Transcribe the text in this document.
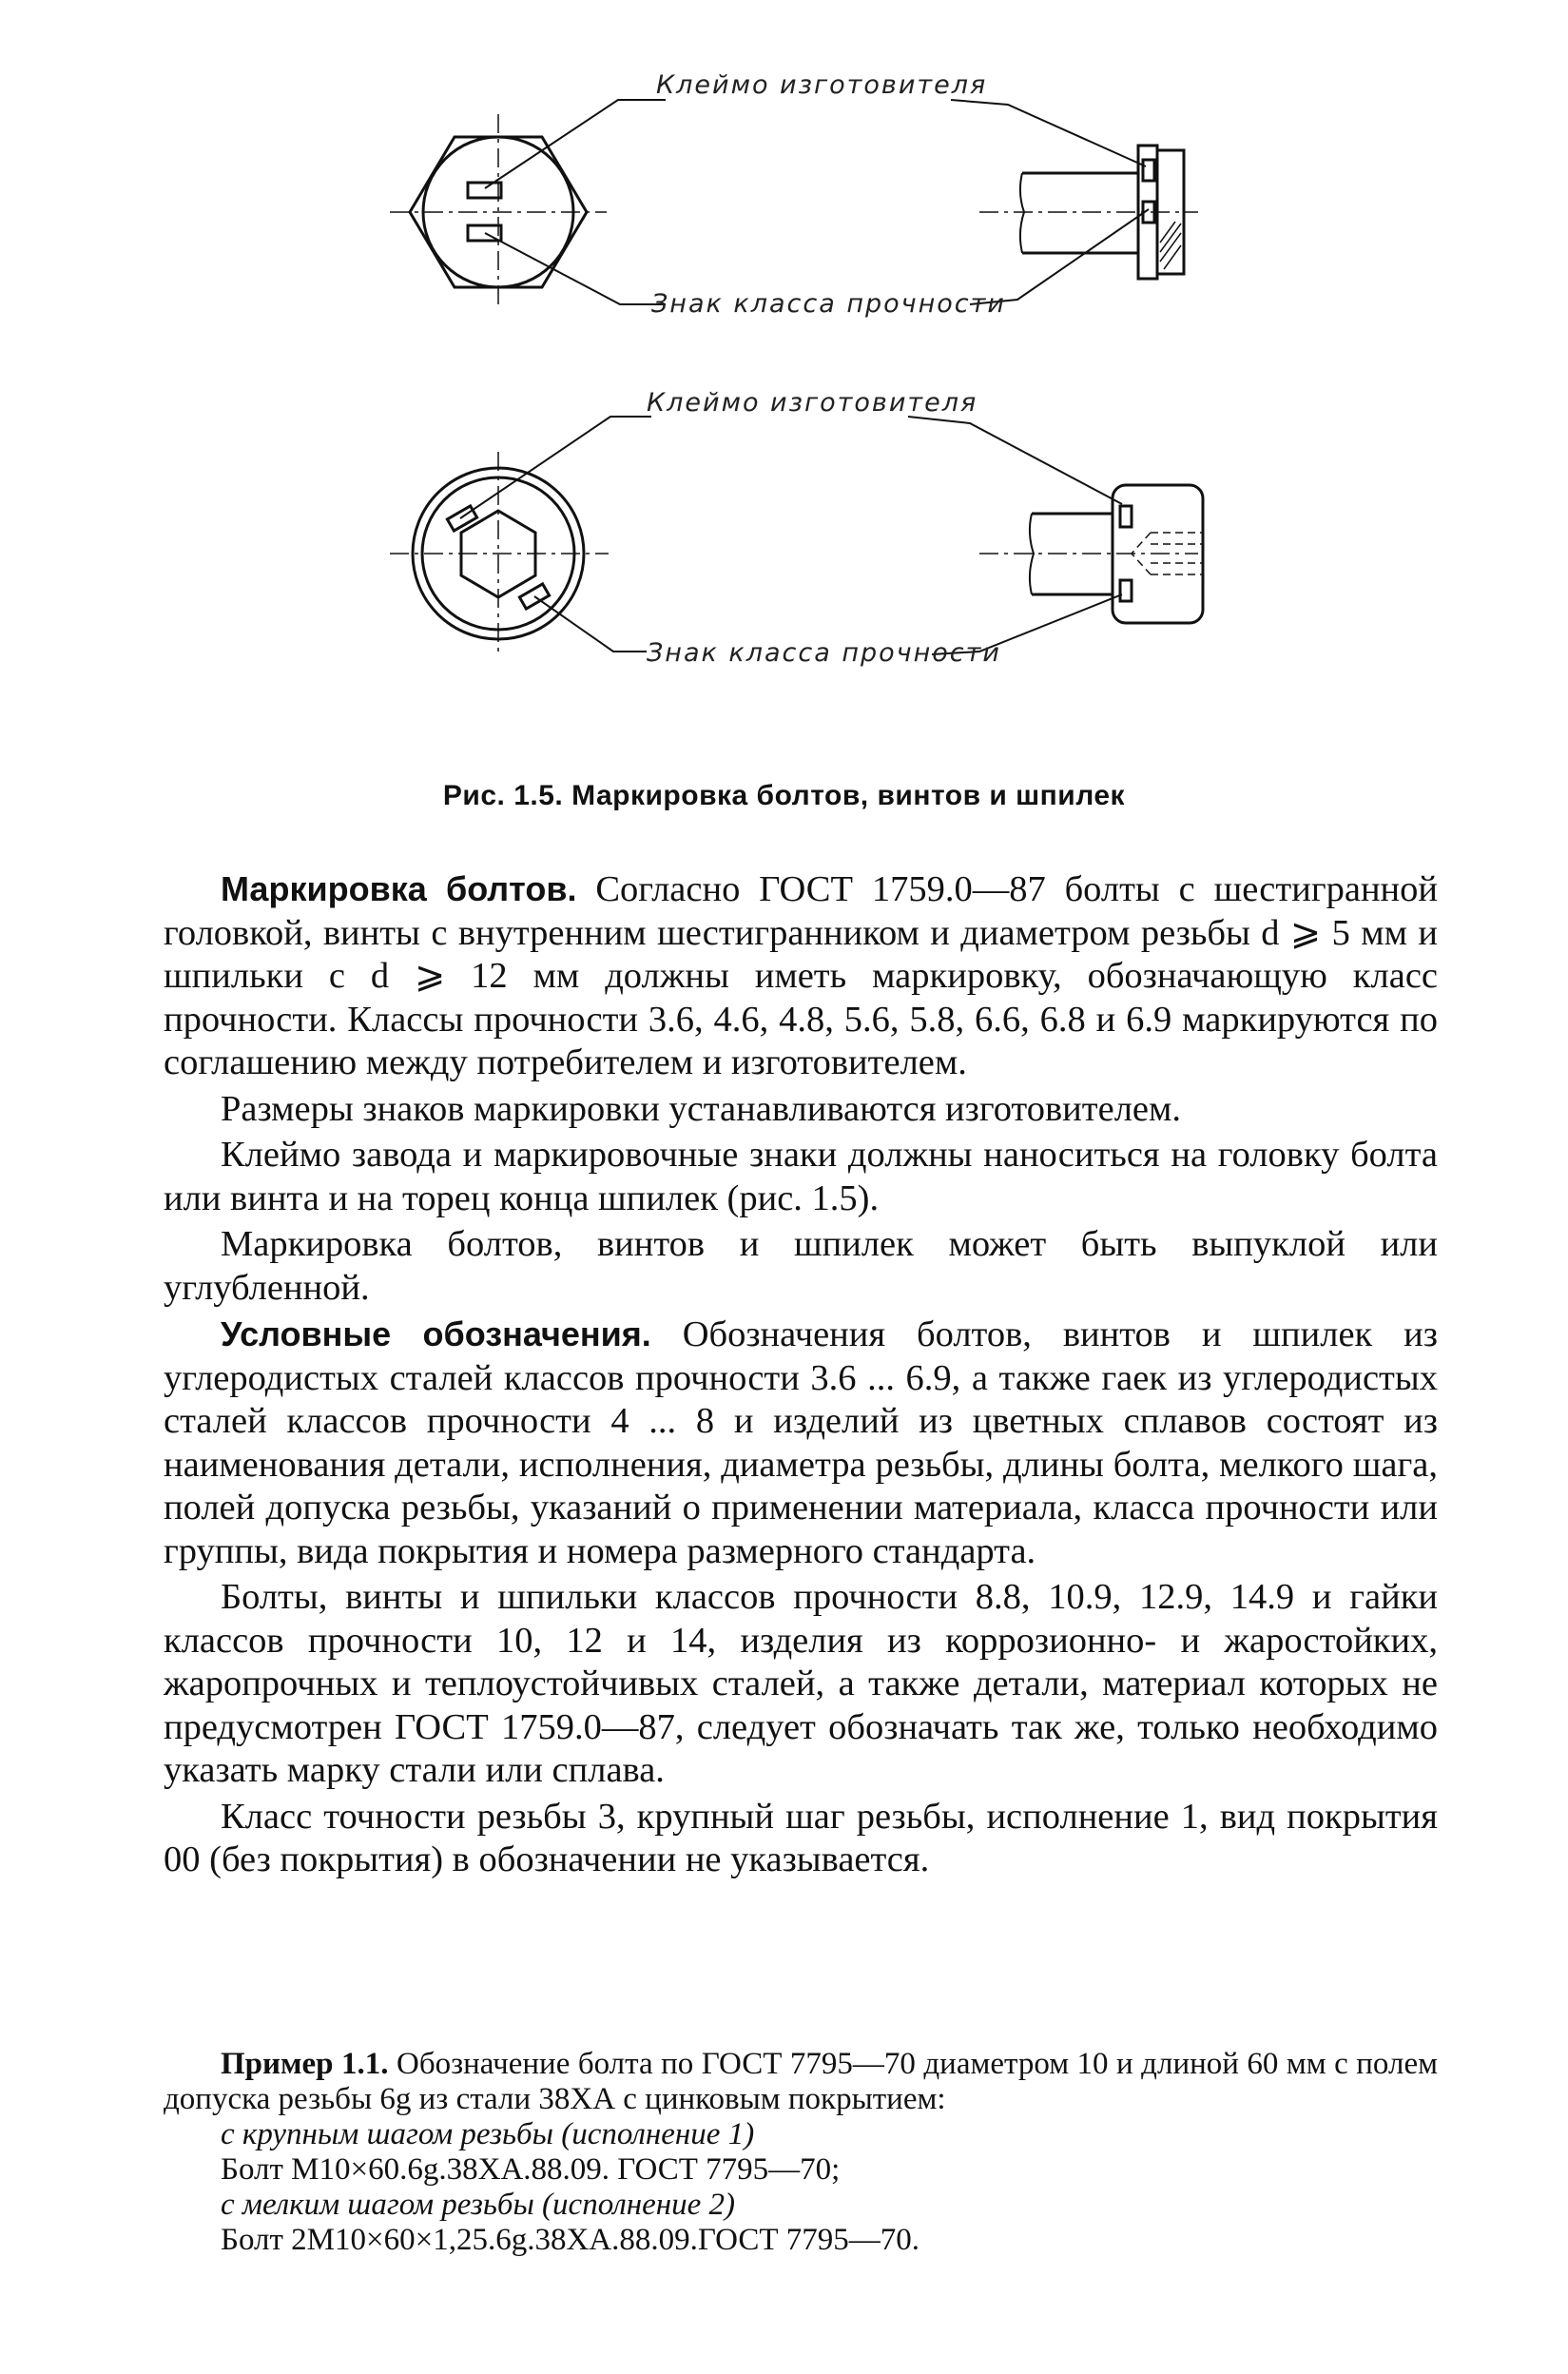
Клеймо изготовителя
Знак класса прочности
Клеймо изготовителя
Знак класса прочности
Рис. 1.5. Маркировка болтов, винтов и шпилек

Маркировка болтов. Согласно ГОСТ 1759.0—87 болты с шестигранной головкой, винты с внутренним шестигранником и диаметром резьбы d ⩾ 5 мм и шпильки с d ⩾ 12 мм должны иметь маркировку, обозначающую класс прочности. Классы прочности 3.6, 4.6, 4.8, 5.6, 5.8, 6.6, 6.8 и 6.9 маркируются по соглашению между потребителем и изготовителем.

Размеры знаков маркировки устанавливаются изготовителем.

Клеймо завода и маркировочные знаки должны наноситься на головку болта или винта и на торец конца шпилек (рис. 1.5).

Маркировка болтов, винтов и шпилек может быть выпуклой или углубленной.

Условные обозначения. Обозначения болтов, винтов и шпилек из углеродистых сталей классов прочности 3.6 ... 6.9, а также гаек из углеродистых сталей классов прочности 4 ... 8 и изделий из цветных сплавов состоят из наименования детали, исполнения, диаметра резьбы, длины болта, мелкого шага, полей допуска резьбы, указаний о применении материала, класса прочности или группы, вида покрытия и номера размерного стандарта.

Болты, винты и шпильки классов прочности 8.8, 10.9, 12.9, 14.9 и гайки классов прочности 10, 12 и 14, изделия из коррозионно- и жаростойких, жаропрочных и теплоустойчивых сталей, а также детали, материал которых не предусмотрен ГОСТ 1759.0—87, следует обозначать так же, только необходимо указать марку стали или сплава.

Класс точности резьбы 3, крупный шаг резьбы, исполнение 1, вид покрытия 00 (без покрытия) в обозначении не указывается.

Пример 1.1. Обозначение болта по ГОСТ 7795—70 диаметром 10 и длиной 60 мм с полем допуска резьбы 6g из стали 38ХА с цинковым покрытием:

с крупным шагом резьбы (исполнение 1)

Болт М10×60.6g.38ХА.88.09. ГОСТ 7795—70;

с мелким шагом резьбы (исполнение 2)

Болт 2М10×60×1,25.6g.38ХА.88.09.ГОСТ 7795—70.
